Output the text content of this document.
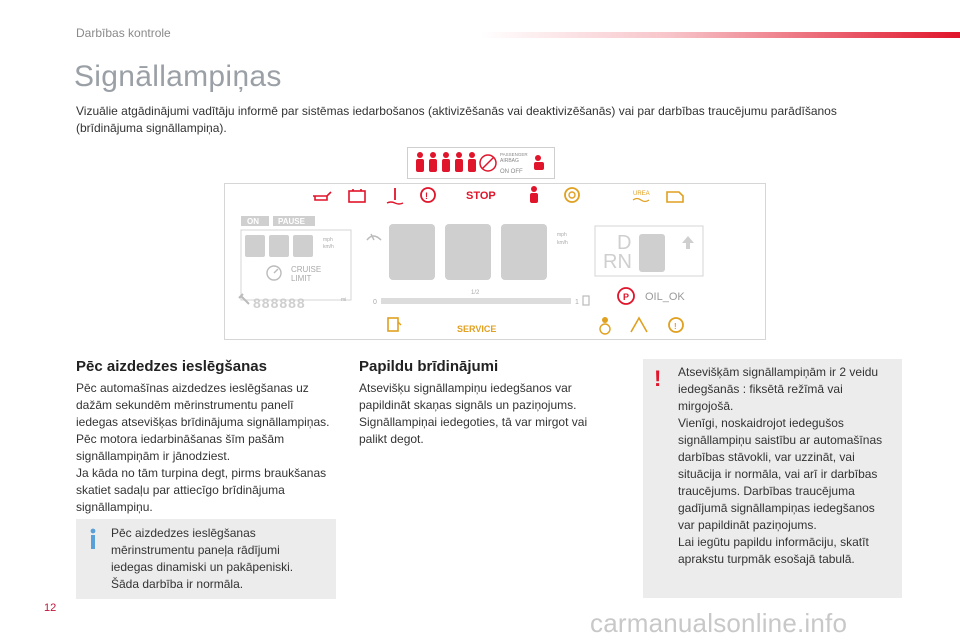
Darbības kontrole
Signāllampiņas
Vizuālie atgādinājumi vadītāju informē par sistēmas iedarbošanos (aktivizēšanās vai deaktivizēšanās) vai par darbības traucējumu parādīšanos (brīdinājuma signāllampiņa).
PASSENGER
AIRBAG
ON OFF
!	STOP	UREA
ON PAUSE
mph
km/h
CRUISE
LIMIT
888888	mi
mph
km/h
0
1/2
1
D
RN
P OIL_OK
SERVICE	!
Pēc aizdedzes ieslēgšanas
Pēc automašīnas aizdedzes ieslēgšanas uz
dažām sekundēm mērinstrumentu panelī
iedegas atsevišķas brīdinājuma signāllampiņas.
Pēc motora iedarbināšanas šīm pašām
signāllampiņām ir jānodziest.
Ja kāda no tām turpina degt, pirms braukšanas
skatiet sadaļu par attiecīgo brīdinājuma
signāllampiņu.
Pēc aizdedzes ieslēgšanas
mērinstrumentu paneļa rādījumi
iedegas dinamiski un pakāpeniski.
Šāda darbība ir normāla.
Papildu brīdinājumi
Atsevišķu signāllampiņu iedegšanos var
papildināt skaņas signāls un paziņojums.
Signāllampiņai iedegoties, tā var mirgot vai
palikt degot.
! Atsevišķām signāllampiņām ir 2 veidu
iedegšanās : fiksētā režīmā vai
mirgojošā.
Vienīgi, noskaidrojot iedegušos
signāllampiņu saistību ar automašīnas
darbības stāvokli, var uzzināt, vai
situācija ir normāla, vai arī ir darbības
traucējums. Darbības traucējuma
gadījumā signāllampiņas iedegšanos
var papildināt paziņojums.
Lai iegūtu papildu informāciju, skatīt
aprakstu turpmāk esošajā tabulā.
12	carmanualsonline.info
